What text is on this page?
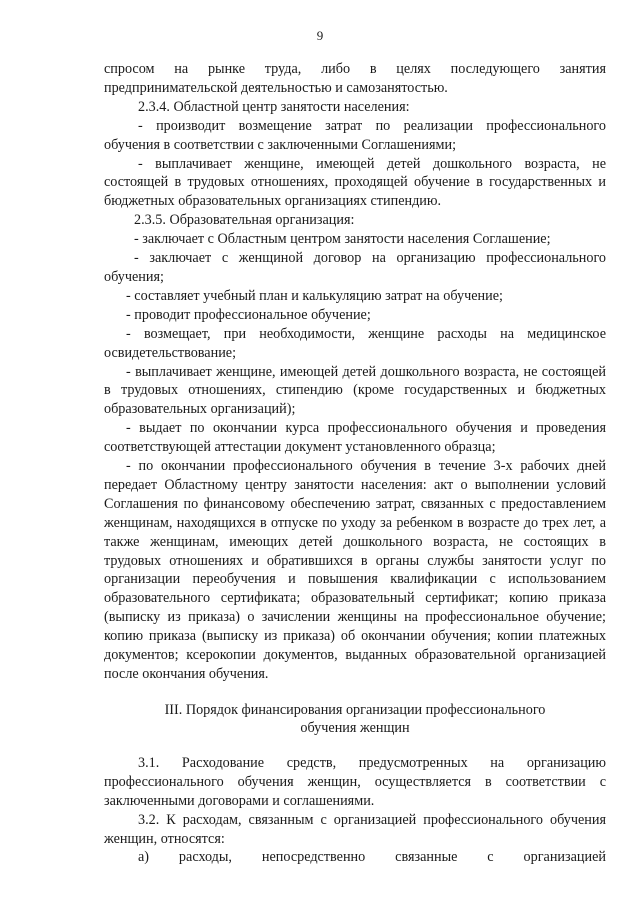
9

спросом на рынке труда, либо в целях последующего занятия предпринимательской деятельностью и самозанятостью.

2.3.4. Областной центр занятости населения:

- производит возмещение затрат по реализации профессионального обучения в соответствии с заключенными Соглашениями;

- выплачивает женщине, имеющей детей дошкольного возраста, не состоящей в трудовых отношениях, проходящей обучение в государственных и бюджетных образовательных организациях стипендию.

2.3.5. Образовательная организация:

- заключает с Областным центром занятости населения Соглашение;

- заключает с женщиной договор на организацию профессионального обучения;

- составляет учебный план и калькуляцию затрат на обучение;

- проводит профессиональное обучение;

- возмещает, при необходимости, женщине расходы на медицинское освидетельствование;

- выплачивает женщине, имеющей детей дошкольного возраста, не состоящей в трудовых отношениях, стипендию (кроме государственных и бюджетных образовательных организаций);

- выдает по окончании курса профессионального обучения и проведения соответствующей аттестации документ установленного образца;

- по окончании профессионального обучения в течение 3-х рабочих дней передает Областному центру занятости населения: акт о выполнении условий Соглашения по финансовому обеспечению затрат, связанных с предоставлением женщинам, находящихся в отпуске по уходу за ребенком в возрасте до трех лет, а также женщинам, имеющих детей дошкольного возраста, не состоящих в трудовых отношениях и обратившихся в органы службы занятости услуг по организации переобучения и повышения квалификации с использованием образовательного сертификата; образовательный сертификат; копию приказа (выписку из приказа) о зачислении женщины на профессиональное обучение; копию приказа (выписку из приказа) об окончании обучения; копии платежных документов; ксерокопии документов, выданных образовательной организацией после окончания обучения.

III. Порядок финансирования организации профессионального
обучения женщин

3.1. Расходование средств, предусмотренных на организацию профессионального обучения женщин, осуществляется в соответствии с заключенными договорами и соглашениями.

3.2. К расходам, связанным с организацией профессионального обучения женщин, относятся:

а) расходы, непосредственно связанные с организацией
